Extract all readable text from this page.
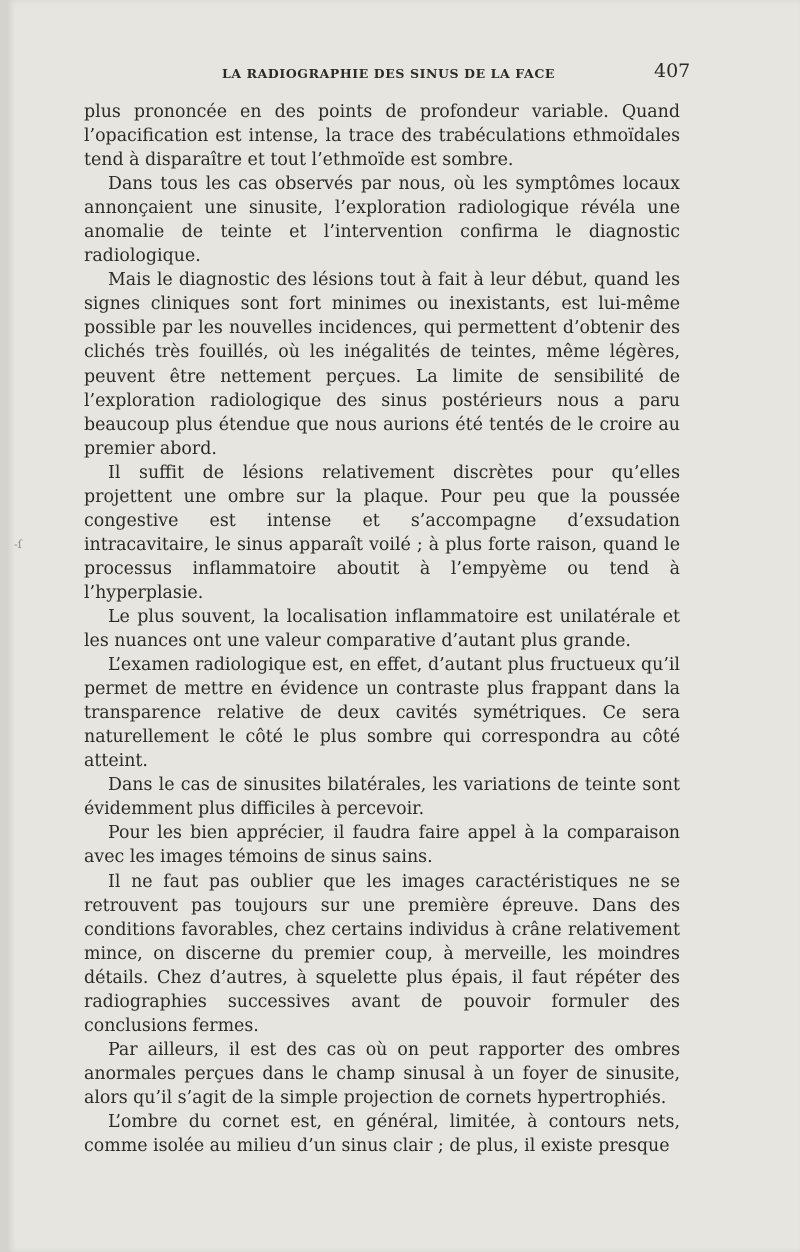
LA RADIOGRAPHIE DES SINUS DE LA FACE	407
-ſ

plus prononcée en des points de profondeur variable. Quand l’opacification est intense, la trace des trabéculations ethmoïdales tend à disparaître et tout l’ethmoïde est sombre.

Dans tous les cas observés par nous, où les symptômes locaux annonçaient une sinusite, l’exploration radiologique révéla une anomalie de teinte et l’intervention confirma le diagnostic radiologique.

Mais le diagnostic des lésions tout à fait à leur début, quand les signes cliniques sont fort minimes ou inexistants, est lui-même possible par les nouvelles incidences, qui permettent d’obtenir des clichés très fouillés, où les inégalités de teintes, même légères, peuvent être nettement perçues. La limite de sensibilité de l’exploration radiologique des sinus postérieurs nous a paru beaucoup plus étendue que nous aurions été tentés de le croire au premier abord.

Il suffit de lésions relativement discrètes pour qu’elles projettent une ombre sur la plaque. Pour peu que la poussée congestive est intense et s’accompagne d’exsudation intracavitaire, le sinus apparaît voilé ; à plus forte raison, quand le processus inflammatoire aboutit à l’empyème ou tend à l’hyperplasie.

Le plus souvent, la localisation inflammatoire est unilatérale et les nuances ont une valeur comparative d’autant plus grande.

L’examen radiologique est, en effet, d’autant plus fructueux qu’il permet de mettre en évidence un contraste plus frappant dans la transparence relative de deux cavités symétriques. Ce sera naturellement le côté le plus sombre qui correspondra au côté atteint.

Dans le cas de sinusites bilatérales, les variations de teinte sont évidemment plus difficiles à percevoir.

Pour les bien apprécier, il faudra faire appel à la comparaison avec les images témoins de sinus sains.

Il ne faut pas oublier que les images caractéristiques ne se retrouvent pas toujours sur une première épreuve. Dans des conditions favorables, chez certains individus à crâne relativement mince, on discerne du premier coup, à merveille, les moindres détails. Chez d’autres, à squelette plus épais, il faut répéter des radiographies successives avant de pouvoir formuler des conclusions fermes.

Par ailleurs, il est des cas où on peut rapporter des ombres anormales perçues dans le champ sinusal à un foyer de sinusite, alors qu’il s’agit de la simple projection de cornets hypertrophiés.

L’ombre du cornet est, en général, limitée, à contours nets, comme isolée au milieu d’un sinus clair ; de plus, il existe presque
